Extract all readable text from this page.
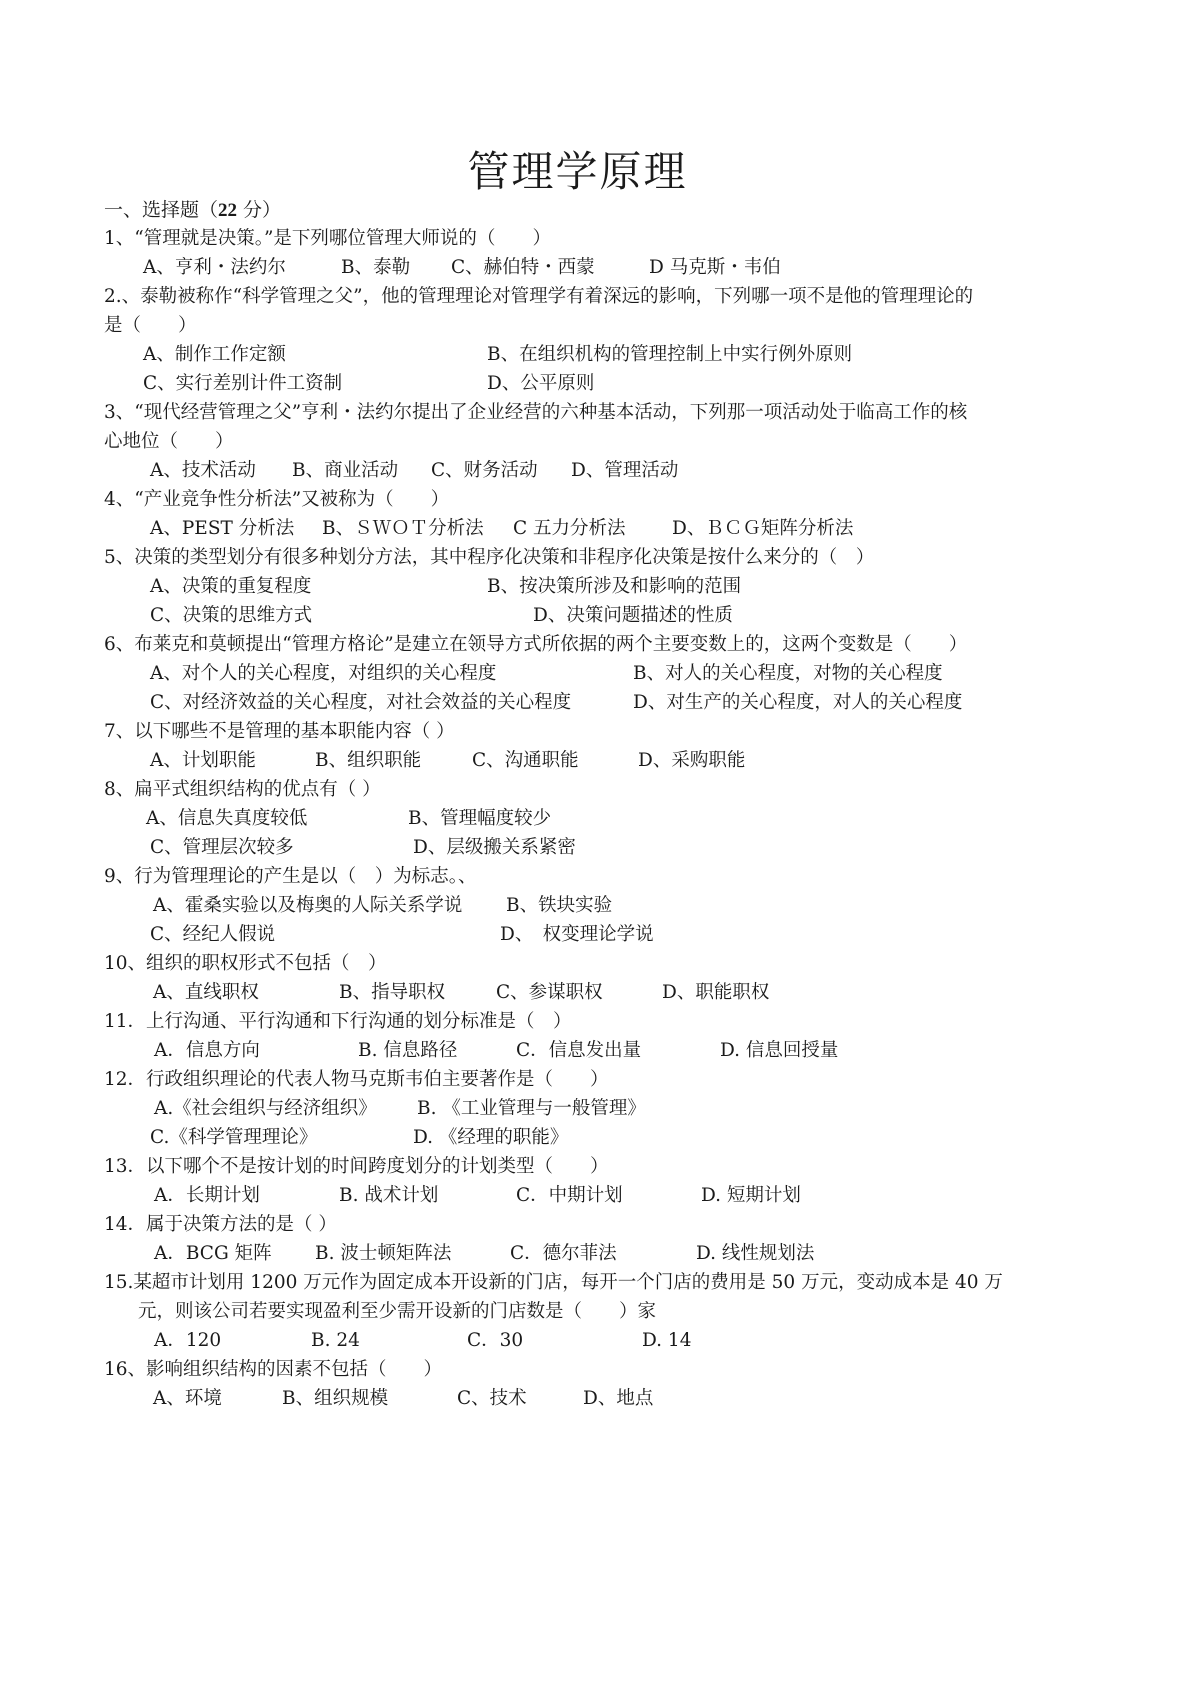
管理学原理
一、选择题（22 分）
1、“管理就是决策。”是下列哪位管理大师说的（　　）
A、亨利・法约尔	B、泰勒 C、赫伯特・西蒙	D 马克斯・韦伯
2.、泰勒被称作“科学管理之父”，他的管理理论对管理学有着深远的影响，下列哪一项不是他的管理理论的
是（　　）
A、制作工作定额	B、在组织机构的管理控制上中实行例外原则
C、实行差别计件工资制	D、公平原则
3、“现代经营管理之父”亨利・法约尔提出了企业经营的六种基本活动，下列那一项活动处于临高工作的核
心地位（　　）
A、技术活动 B、商业活动 C、财务活动 D、管理活动
4、“产业竞争性分析法”又被称为（　　）
A、PEST 分析法 B、ＳＷＯＴ分析法 C 五力分析法	D、ＢＣＧ矩阵分析法
5、决策的类型划分有很多种划分方法，其中程序化决策和非程序化决策是按什么来分的（　）
A、决策的重复程度	B、按决策所涉及和影响的范围
C、决策的思维方式	D、决策问题描述的性质
6、布莱克和莫顿提出“管理方格论”是建立在领导方式所依据的两个主要变数上的，这两个变数是（　　）
A、对个人的关心程度，对组织的关心程度	B、对人的关心程度，对物的关心程度
C、对经济效益的关心程度，对社会效益的关心程度	D、对生产的关心程度，对人的关心程度
7、以下哪些不是管理的基本职能内容（ ）
A、计划职能	B、组织职能	C、沟通职能	D、采购职能
8、扁平式组织结构的优点有（ ）
A、信息失真度较低	B、管理幅度较少
C、管理层次较多	D、层级搬关系紧密
9、行为管理理论的产生是以（　）为标志。、
A、霍桑实验以及梅奥的人际关系学说 B、铁块实验
C、经纪人假说	D、　权变理论学说
10、组织的职权形式不包括（　）
A、直线职权	B、指导职权	C、参谋职权	D、职能职权
11．上行沟通、平行沟通和下行沟通的划分标准是（　）
A．信息方向	B. 信息路径	C．信息发出量	D. 信息回授量
12．行政组织理论的代表人物马克斯韦伯主要著作是（　　）
A.《社会组织与经济组织》 B. 《工业管理与一般管理》
C.《科学管理理论》	D. 《经理的职能》
13．以下哪个不是按计划的时间跨度划分的计划类型（　　）
A．长期计划	B. 战术计划	C．中期计划	D. 短期计划
14．属于决策方法的是（ ）
A．BCG 矩阵 B. 波士顿矩阵法	C．德尔菲法	D. 线性规划法
15.某超市计划用 1200 万元作为固定成本开设新的门店，每开一个门店的费用是 50 万元，变动成本是 40 万
元，则该公司若要实现盈利至少需开设新的门店数是（　　）家
A．120	B. 24	C．30	D. 14
16、影响组织结构的因素不包括（　　）
A、环境	B、组织规模	C、技术	D、地点
